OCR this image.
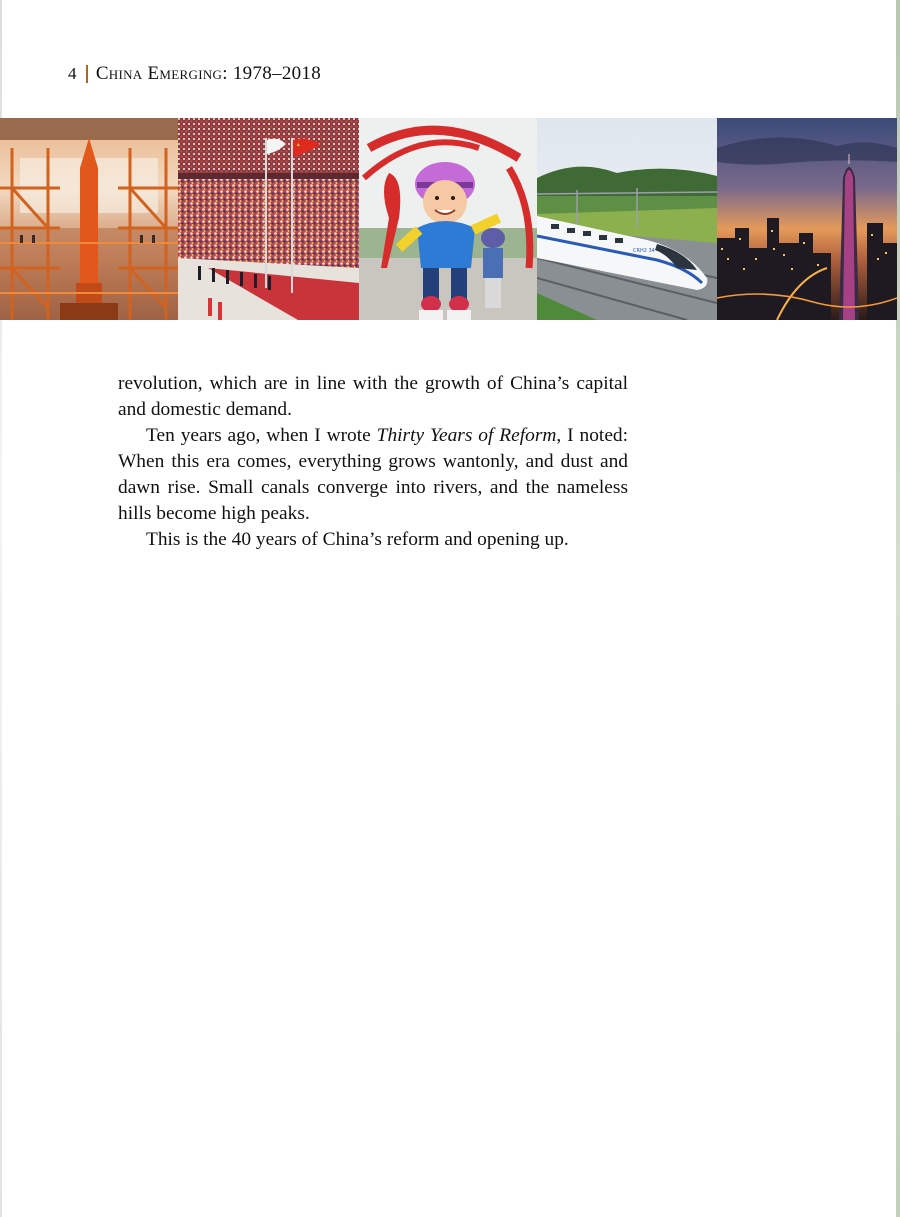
4 China Emerging: 1978–2018
CRH2 34

revolution, which are in line with the growth of China’s capital and domestic demand.

Ten years ago, when I wrote Thirty Years of Reform, I noted: When this era comes, everything grows wantonly, and dust and dawn rise. Small canals converge into rivers, and the nameless hills become high peaks.

This is the 40 years of China’s reform and opening up.
